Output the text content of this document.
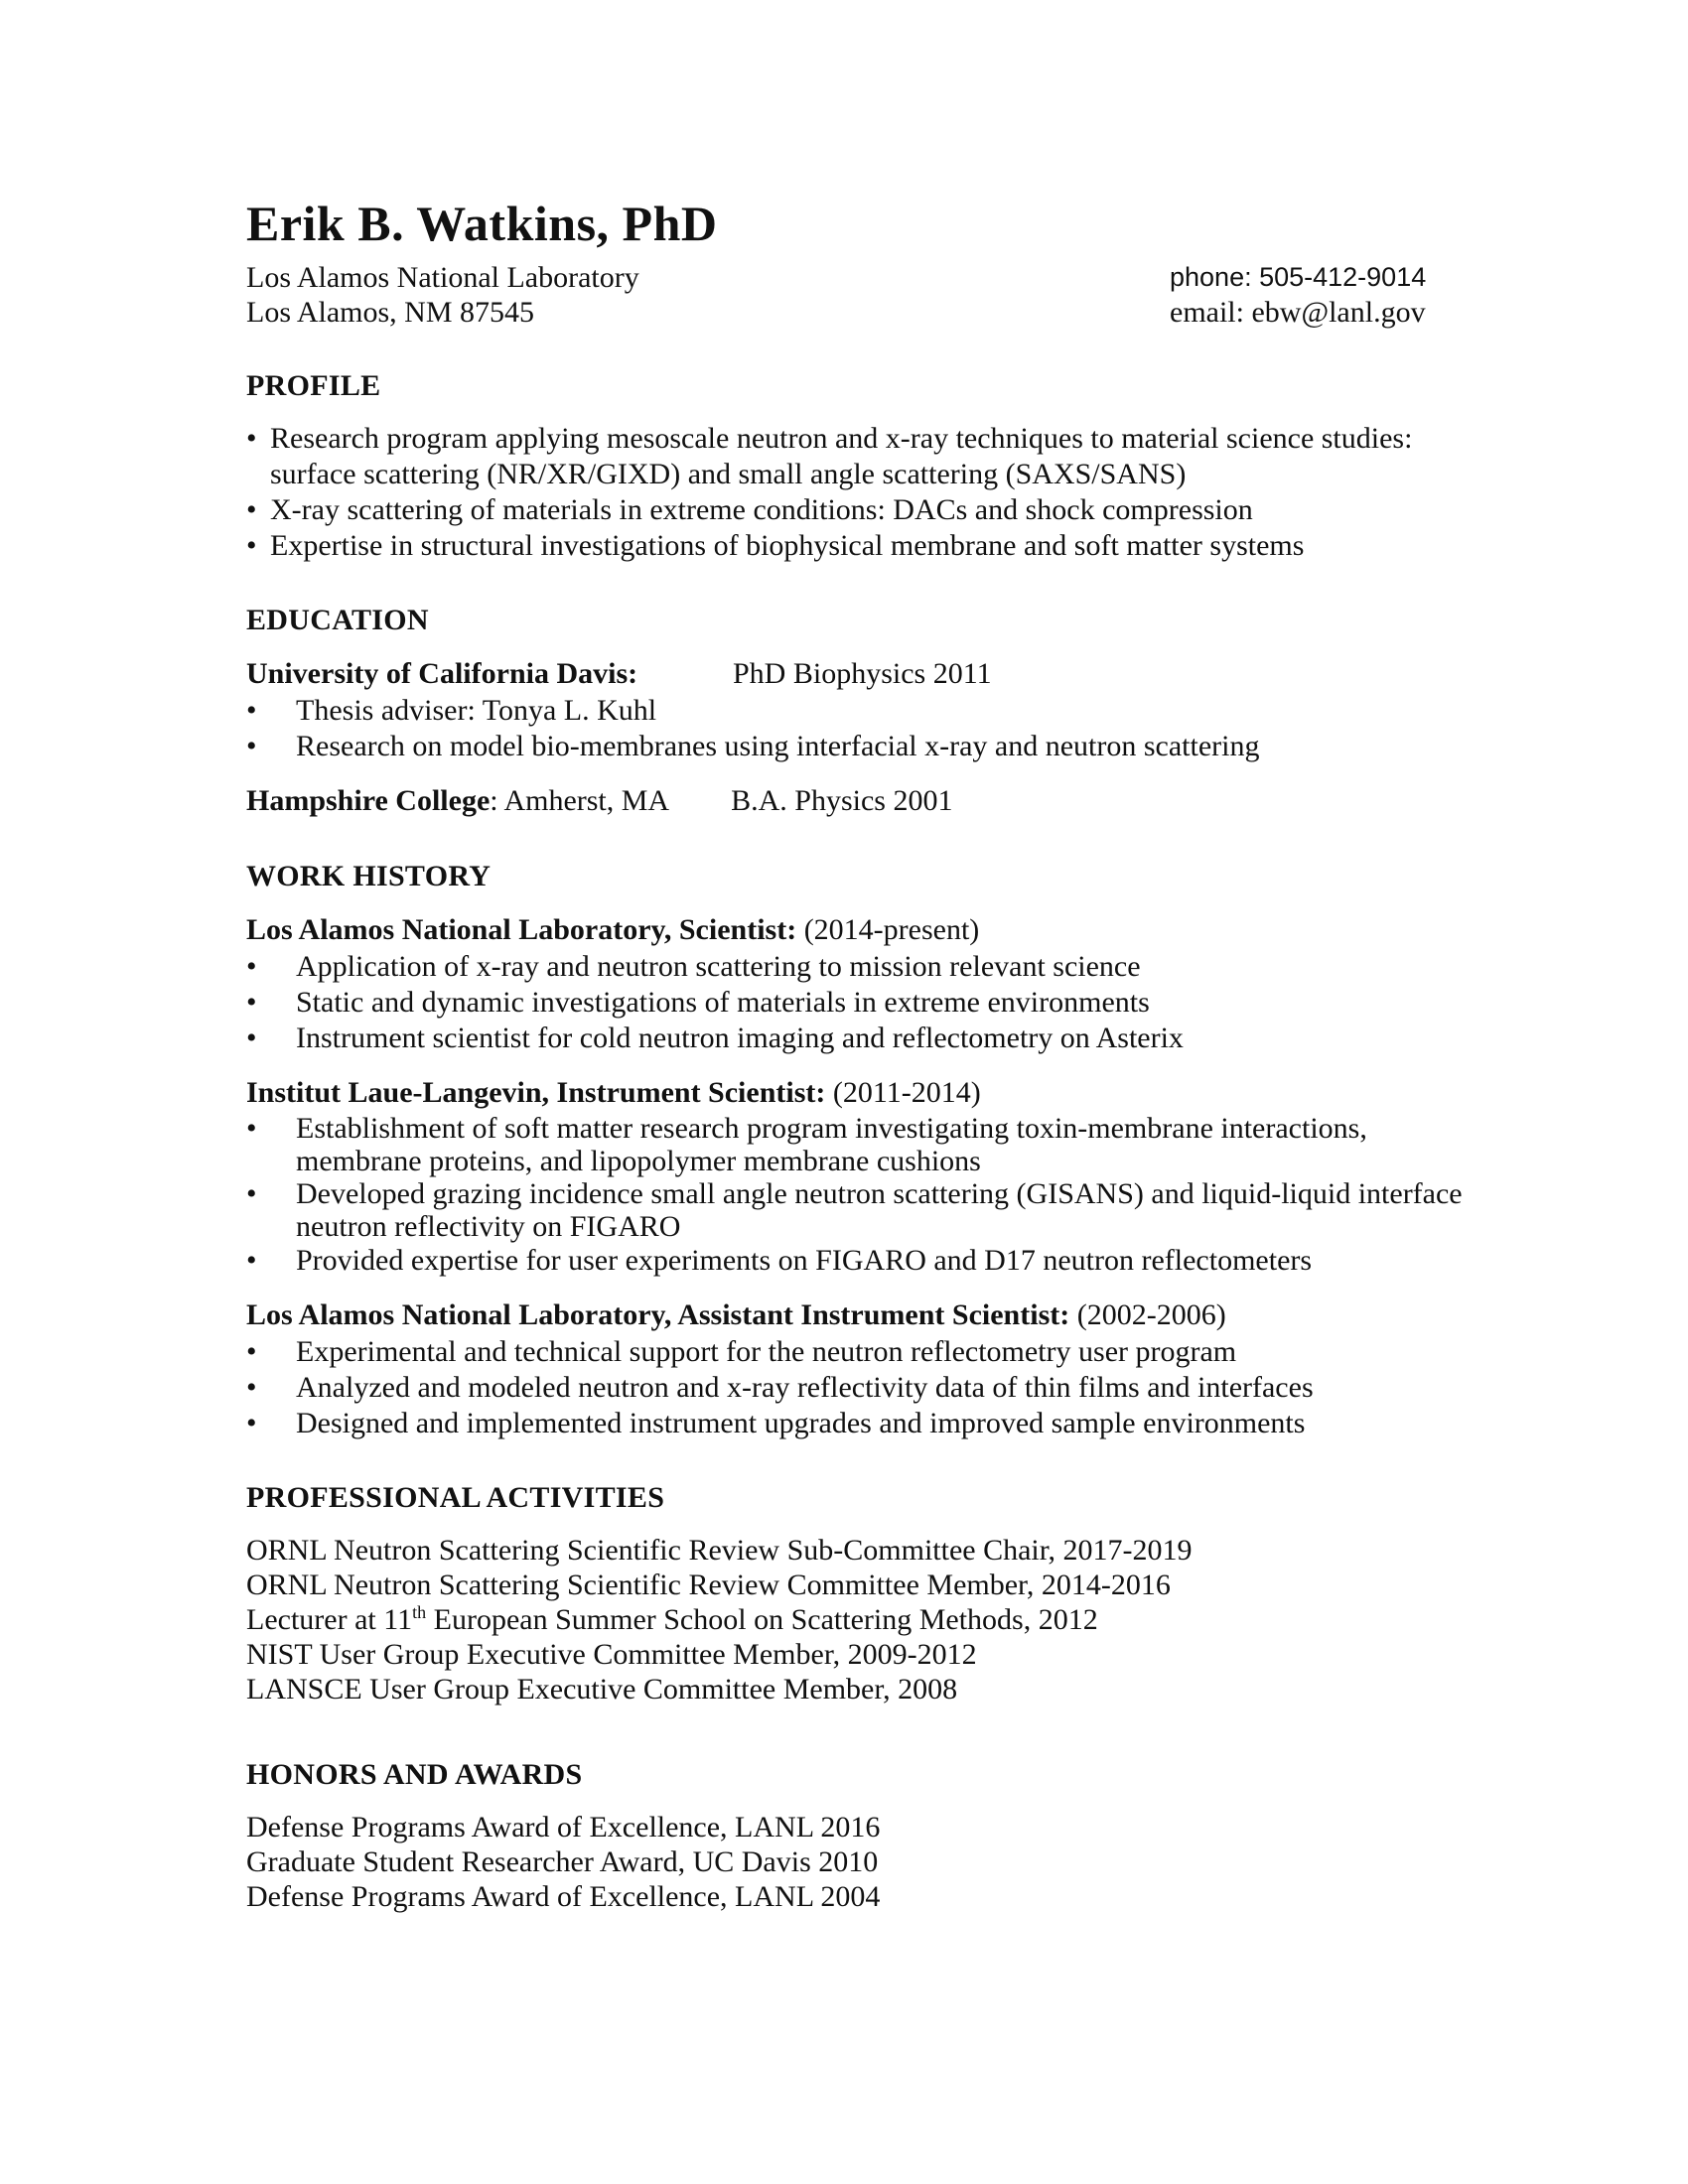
Erik B. Watkins, PhD
Los Alamos National Laboratory	phone: 505-412-9014
Los Alamos, NM 87545	email: ebw@lanl.gov
PROFILE
• Research program applying mesoscale neutron and x-ray techniques to material science studies: surface scattering (NR/XR/GIXD) and small angle scattering (SAXS/SANS)
• X-ray scattering of materials in extreme conditions: DACs and shock compression
• Expertise in structural investigations of biophysical membrane and soft matter systems
EDUCATION
University of California Davis:	PhD Biophysics 2011
• Thesis adviser: Tonya L. Kuhl
• Research on model bio-membranes using interfacial x-ray and neutron scattering
Hampshire College: Amherst, MA B.A. Physics 2001
WORK HISTORY
Los Alamos National Laboratory, Scientist: (2014-present)
• Application of x-ray and neutron scattering to mission relevant science
• Static and dynamic investigations of materials in extreme environments
• Instrument scientist for cold neutron imaging and reflectometry on Asterix
Institut Laue-Langevin, Instrument Scientist: (2011-2014)
• Establishment of soft matter research program investigating toxin-membrane interactions, membrane proteins, and lipopolymer membrane cushions
• Developed grazing incidence small angle neutron scattering (GISANS) and liquid-liquid interface neutron reflectivity on FIGARO
• Provided expertise for user experiments on FIGARO and D17 neutron reflectometers
Los Alamos National Laboratory, Assistant Instrument Scientist: (2002-2006)
• Experimental and technical support for the neutron reflectometry user program
• Analyzed and modeled neutron and x-ray reflectivity data of thin films and interfaces
• Designed and implemented instrument upgrades and improved sample environments
PROFESSIONAL ACTIVITIES
ORNL Neutron Scattering Scientific Review Sub-Committee Chair, 2017-2019
ORNL Neutron Scattering Scientific Review Committee Member, 2014-2016
Lecturer at 11th European Summer School on Scattering Methods, 2012
NIST User Group Executive Committee Member, 2009-2012
LANSCE User Group Executive Committee Member, 2008
HONORS AND AWARDS
Defense Programs Award of Excellence, LANL 2016
Graduate Student Researcher Award, UC Davis 2010
Defense Programs Award of Excellence, LANL 2004
